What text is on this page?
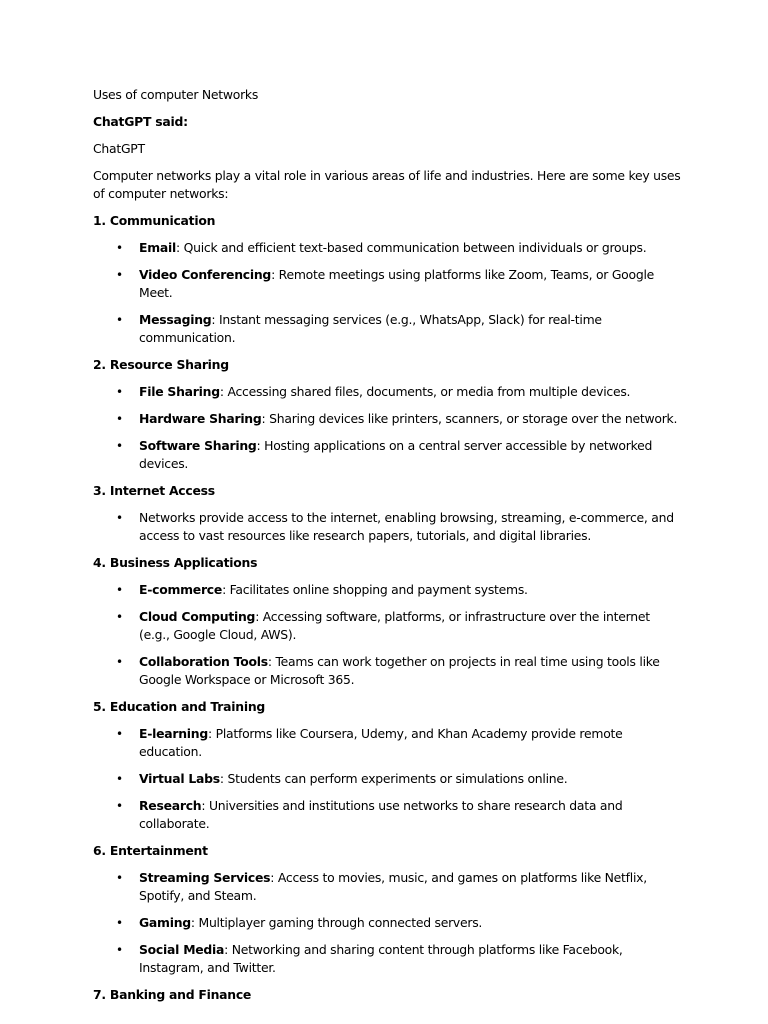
Uses of computer Networks

ChatGPT said:

ChatGPT

Computer networks play a vital role in various areas of life and industries. Here are some key uses of computer networks:

1. Communication
• Email: Quick and efficient text-based communication between individuals or groups.
• Video Conferencing: Remote meetings using platforms like Zoom, Teams, or Google Meet.
• Messaging: Instant messaging services (e.g., WhatsApp, Slack) for real-time communication.
2. Resource Sharing
• File Sharing: Accessing shared files, documents, or media from multiple devices.
• Hardware Sharing: Sharing devices like printers, scanners, or storage over the network.
• Software Sharing: Hosting applications on a central server accessible by networked devices.
3. Internet Access
• Networks provide access to the internet, enabling browsing, streaming, e-commerce, and access to vast resources like research papers, tutorials, and digital libraries.
4. Business Applications
• E-commerce: Facilitates online shopping and payment systems.
• Cloud Computing: Accessing software, platforms, or infrastructure over the internet (e.g., Google Cloud, AWS).
• Collaboration Tools: Teams can work together on projects in real time using tools like Google Workspace or Microsoft 365.
5. Education and Training
• E-learning: Platforms like Coursera, Udemy, and Khan Academy provide remote education.
• Virtual Labs: Students can perform experiments or simulations online.
• Research: Universities and institutions use networks to share research data and collaborate.
6. Entertainment
• Streaming Services: Access to movies, music, and games on platforms like Netflix, Spotify, and Steam.
• Gaming: Multiplayer gaming through connected servers.
• Social Media: Networking and sharing content through platforms like Facebook, Instagram, and Twitter.
7. Banking and Finance
